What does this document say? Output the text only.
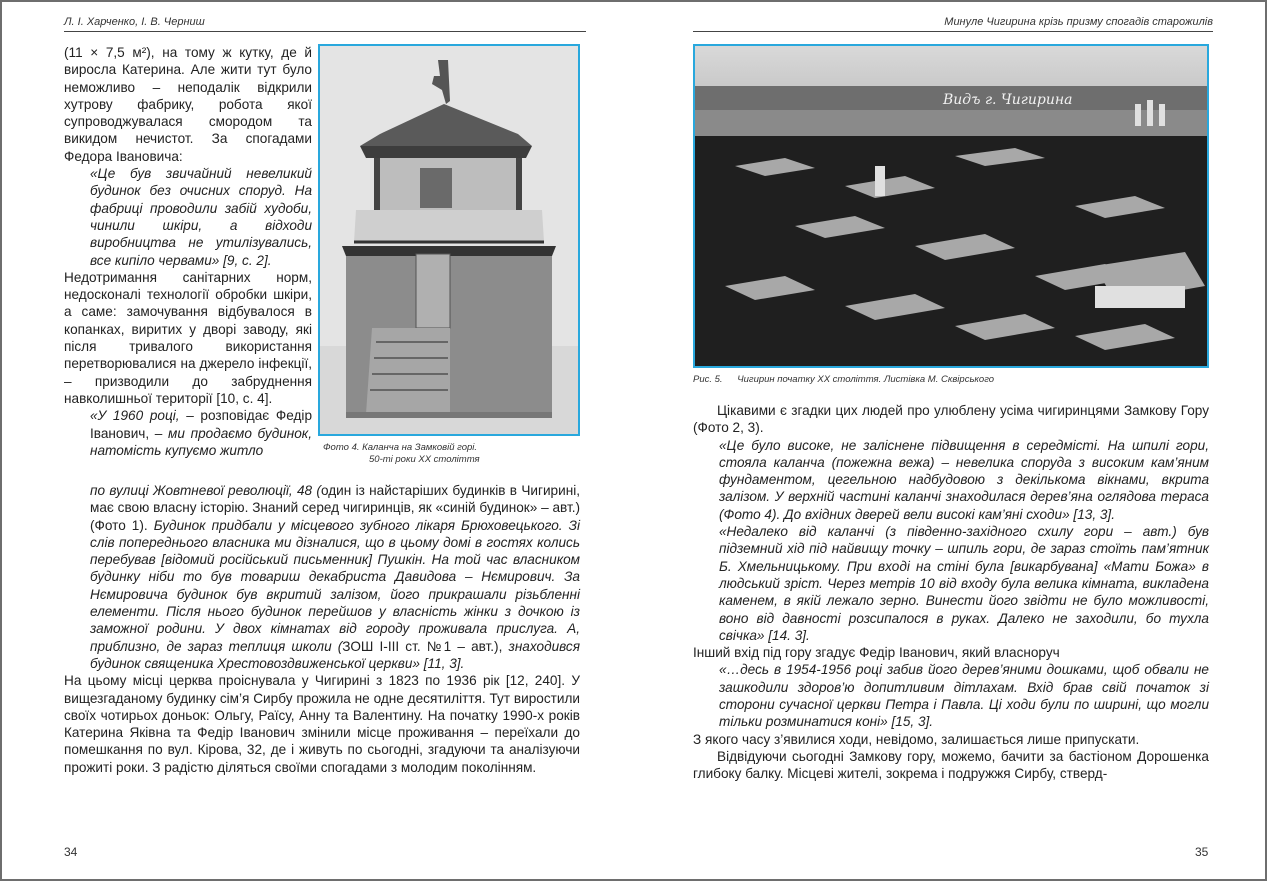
Л. І. Харченко, І. В. Черниш

(11 × 7,5 м²), на тому ж кутку, де й виросла Катерина. Але жити тут було неможливо – неподалік відкрили хутрову фабрику, робота якої супроводжувалася смородом та викидом нечистот. За спогадами Федора Івановича:

«Це був звичайний невеликий будинок без очисних споруд. На фабриці проводили забій худоби, чинили шкіри, а відходи виробництва не утилізувались, все кипіло червами» [9, с. 2].

Недотримання санітарних норм, недосконалі технології обробки шкіри, а саме: замочування відбувалося в копанках, виритих у дворі заводу, які після тривалого використання перетворювалися на джерело інфекції, – призводили до забруднення навколишньої території [10, с. 4].

«У 1960 році, – розповідає Федір Іванович, – ми продаємо будинок, натомість купуємо житло	Фото 4. Каланча на Замковій горі.
50-ті роки ХХ століття

по вулиці Жовтневої революції, 48 (один із найстаріших будинків в Чигирині, має свою власну історію. Знаний серед чигиринців, як «синій будинок» – авт.) (Фото 1). Будинок придбали у місцевого зубного лікаря Брюховецького. Зі слів попереднього власника ми дізналися, що в цьому домі в гостях колись перебував [відомий російський письменник] Пушкін. На той час власником будинку ніби то був товариш декабриста Давидова – Нємирович. За Нємировича будинок був вкритий залізом, його прикрашали різьбленні елементи. Після нього будинок перейшов у власність жінки з дочкою із заможної родини. У двох кімнатах від городу проживала прислуга. А, приблизно, де зараз теплиця школи (ЗОШ І-ІІІ ст. №1 – авт.), знаходився будинок священика Хрестовоздвиженської церкви» [11, 3].

На цьому місці церква проіснувала у Чигирині з 1823 по 1936 рік [12, 240]. У вищезгаданому будинку сім’я Сирбу прожила не одне десятиліття. Тут виростили своїх чотирьох доньок: Ольгу, Раїсу, Анну та Валентину. На початку 1990-х років Катерина Яківна та Федір Іванович змінили місце проживання – переїхали до помешкання по вул. Кірова, 32, де і живуть по сьогодні, згадуючи та аналізуючи прожиті роки. З радістю діляться своїми спогадами з молодим поколінням.

34
Минуле Чигирина крізь призму спогадів старожилів
Видъ г. Чигирина
Рис. 5. Чигирин початку ХХ століття. Листівка М. Сквірського

Цікавими є згадки цих людей про улюблену усіма чигиринцями Замкову Гору (Фото 2, 3).

«Це було високе, не заліснене підвищення в середмісті. На шпилі гори, стояла каланча (пожежна вежа) – невелика споруда з високим кам’яним фундаментом, цегельною надбудовою з декількома вікнами, вкрита залізом. У верхній частині каланчі знаходилася дерев’яна оглядова тераса (Фото 4). До вхідних дверей вели високі кам’яні сходи» [13, 3].

«Недалеко від каланчі (з південно-західного схилу гори – авт.) був підземний хід під найвищу точку – шпиль гори, де зараз стоїть пам’ятник Б. Хмельницькому. При вході на стіні була [викарбувана] «Мати Божа» в людський зріст. Через метрів 10 від входу була велика кімната, викладена каменем, в якій лежало зерно. Винести його звідти не було можливості, воно від давності розсипалося в руках. Далеко не заходили, бо тухла свічка» [14. 3].

Інший вхід під гору згадує Федір Іванович, який власноруч

«…десь в 1954-1956 році забив його дерев’яними дошками, щоб обвали не зашкодили здоров’ю допитливим дітлахам. Вхід брав свій початок зі сторони сучасної церкви Петра і Павла. Ці ходи були по ширині, що могли тільки розминатися коні» [15, 3].

З якого часу з’явилися ходи, невідомо, залишається лише припускати.

Відвідуючи сьогодні Замкову гору, можемо, бачити за бастіоном Дорошенка глибоку балку. Місцеві жителі, зокрема і подружжя Сирбу, стверд-

35
